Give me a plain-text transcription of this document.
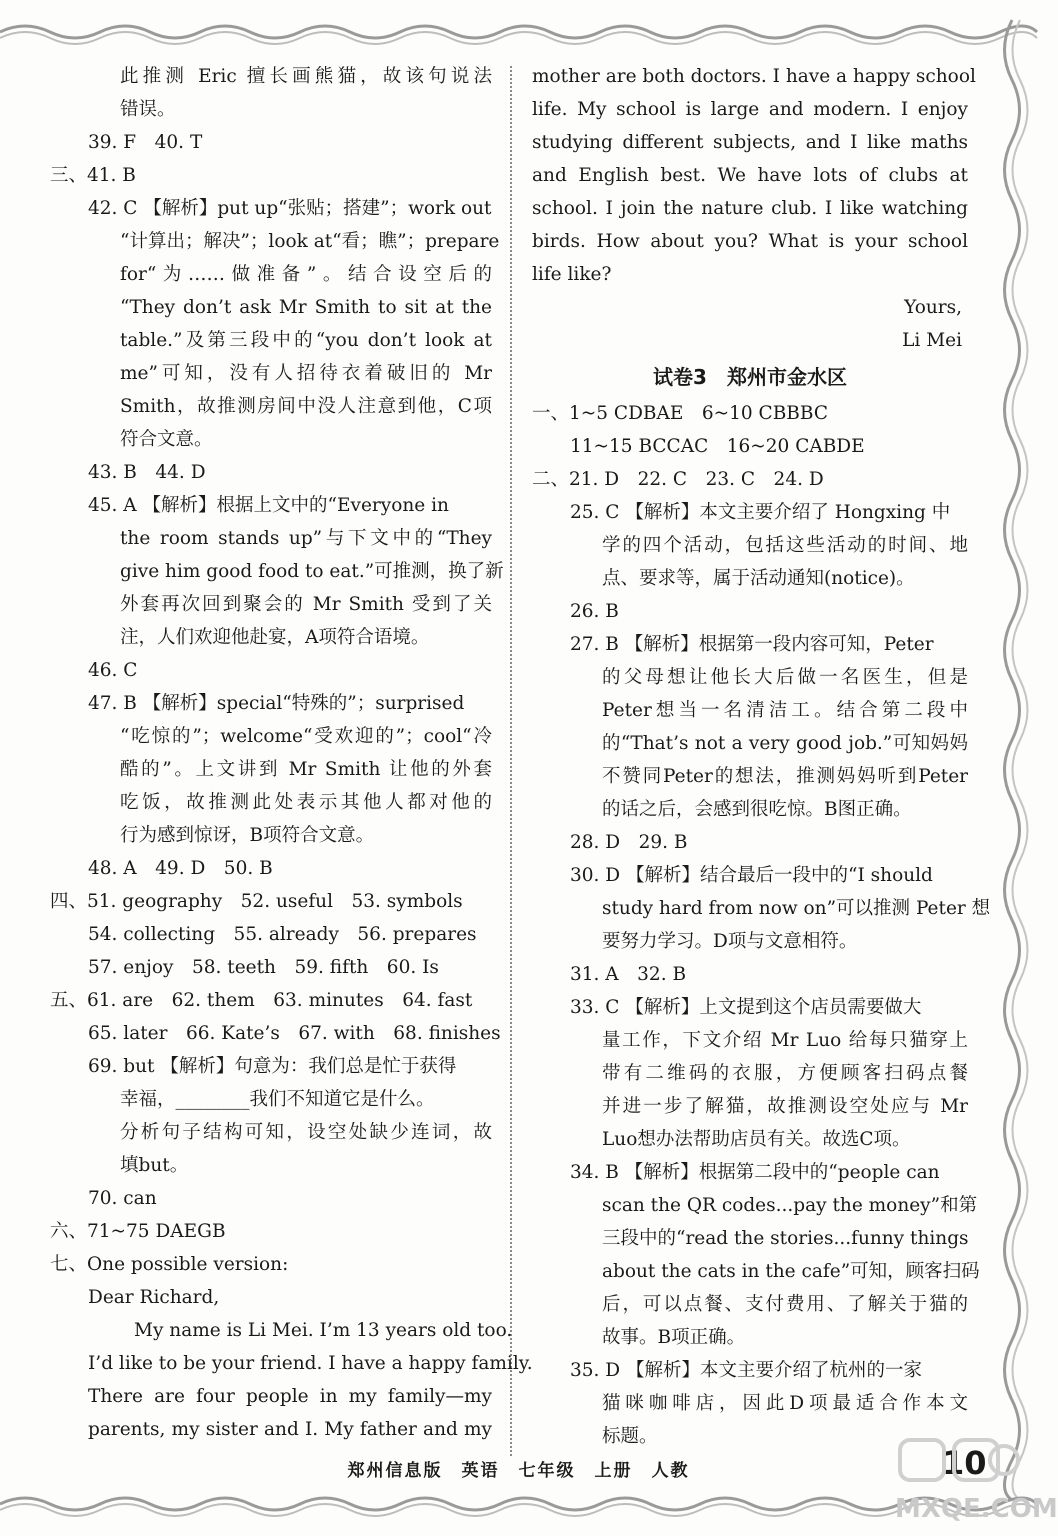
此推测 Eric 擅长画熊猫，故该句说法
错误。
39. F　40. T
三、41. B
42. C 【解析】put up“张贴；搭建”；work out
“计算出；解决”；look at“看；瞧”；prepare
for“为……做准备”。结合设空后的
“They don’t ask Mr Smith to sit at the
table.”及第三段中的“you don’t look at
me”可知，没有人招待衣着破旧的 Mr
Smith，故推测房间中没人注意到他，C项
符合文意。
43. B　44. D
45. A 【解析】根据上文中的“Everyone in
the room stands up”与下文中的“They
give him good food to eat.”可推测，换了新
外套再次回到聚会的 Mr Smith 受到了关
注，人们欢迎他赴宴，A项符合语境。
46. C
47. B 【解析】special“特殊的”；surprised
“吃惊的”；welcome“受欢迎的”；cool“冷
酷的”。上文讲到 Mr Smith 让他的外套
吃饭，故推测此处表示其他人都对他的
行为感到惊讶，B项符合文意。
48. A　49. D　50. B
四、51. geography　52. useful　53. symbols
54. collecting　55. already　56. prepares
57. enjoy　58. teeth　59. fifth　60. Is
五、61. are　62. them　63. minutes　64. fast
65. later　66. Kate’s　67. with　68. finishes
69. but 【解析】句意为：我们总是忙于获得
幸福，________我们不知道它是什么。
分析句子结构可知，设空处缺少连词，故
填but。
70. can
六、71~75 DAEGB
七、One possible version:
Dear Richard,
My name is Li Mei. I’m 13 years old too.
I’d like to be your friend. I have a happy family.
There are four people in my family—my
parents, my sister and I. My father and my
mother are both doctors. I have a happy school
life. My school is large and modern. I enjoy
studying different subjects, and I like maths
and English best. We have lots of clubs at
school. I join the nature club. I like watching
birds. How about you? What is your school
life like?
Yours,
Li Mei
试卷3　郑州市金水区
一、1~5 CDBAE　6~10 CBBBC
11~15 BCCAC　16~20 CABDE
二、21. D　22. C　23. C　24. D
25. C 【解析】本文主要介绍了 Hongxing 中
学的四个活动，包括这些活动的时间、地
点、要求等，属于活动通知(notice)。
26. B
27. B 【解析】根据第一段内容可知，Peter
的父母想让他长大后做一名医生，但是
Peter想当一名清洁工。结合第二段中
的“That’s not a very good job.”可知妈妈
不赞同Peter的想法，推测妈妈听到Peter
的话之后，会感到很吃惊。B图正确。
28. D　29. B
30. D 【解析】结合最后一段中的“I should
study hard from now on”可以推测 Peter 想
要努力学习。D项与文意相符。
31. A　32. B
33. C 【解析】上文提到这个店员需要做大
量工作，下文介绍 Mr Luo 给每只猫穿上
带有二维码的衣服，方便顾客扫码点餐
并进一步了解猫，故推测设空处应与 Mr
Luo想办法帮助店员有关。故选C项。
34. B 【解析】根据第二段中的“people can
scan the QR codes...pay the money”和第
三段中的“read the stories...funny things
about the cats in the cafe”可知，顾客扫码
后，可以点餐、支付费用、了解关于猫的
故事。B项正确。
35. D 【解析】本文主要介绍了杭州的一家
猫咪咖啡店，因此D项最适合作本文
标题。
郑州信息版　英语　七年级　上册　人教	10
MXQE.COM
